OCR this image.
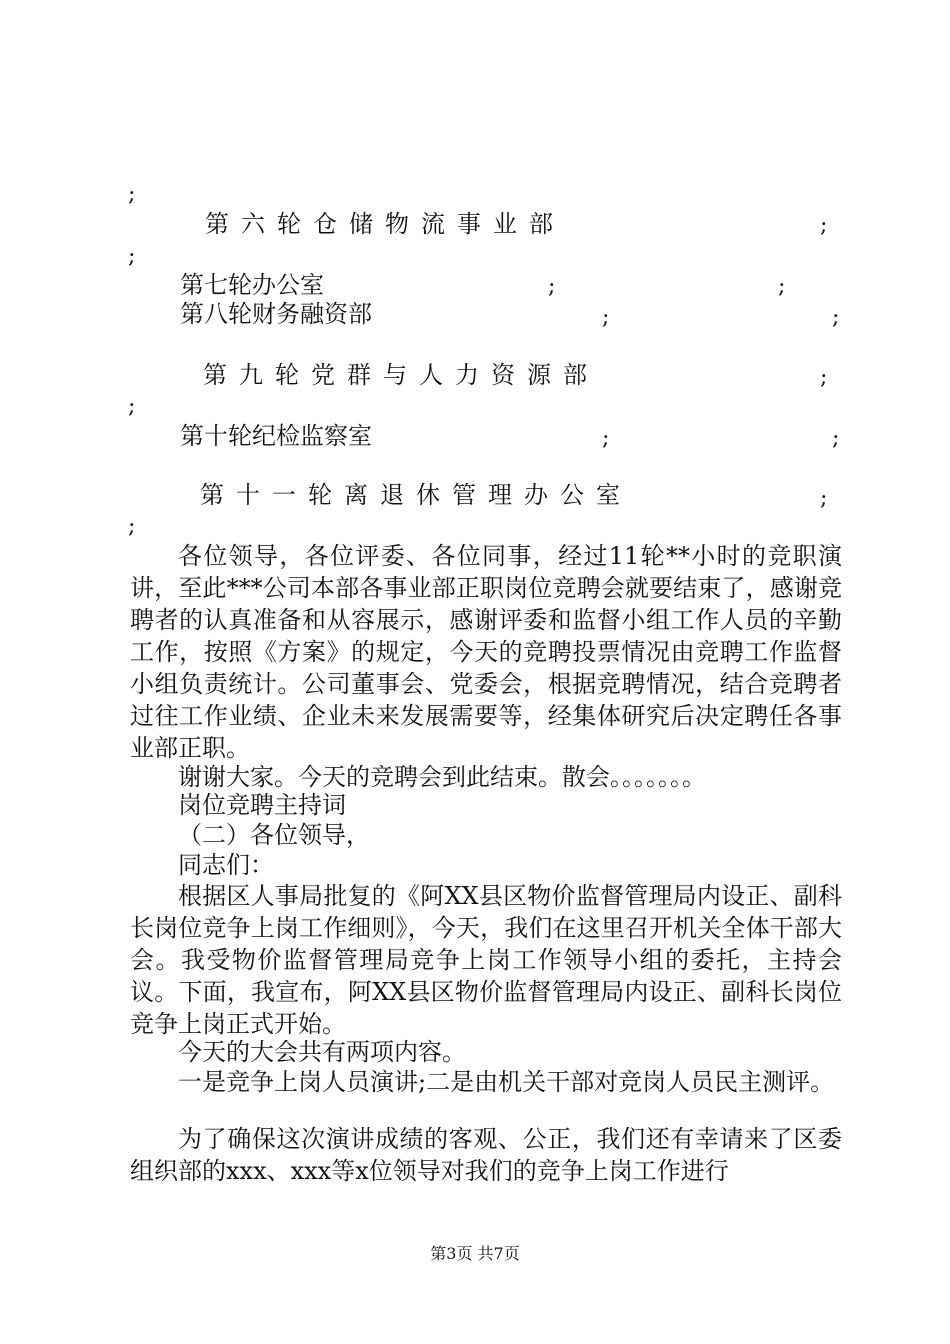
;
第六轮仓储物流事业部	;
;
第七轮办公室	;	;
第八轮财务融资部	;	;
第九轮党群与人力资源部	;
;
第十轮纪检监察室	;	;
第十一轮离退休管理办公室	;
;
各位领导，各位评委、各位同事，经过11轮**小时的竞职演讲，至此***公司本部各事业部正职岗位竞聘会就要结束了，感谢竞聘者的认真准备和从容展示，感谢评委和监督小组工作人员的辛勤工作，按照《方案》的规定，今天的竞聘投票情况由竞聘工作监督小组负责统计。公司董事会、党委会，根据竞聘情况，结合竞聘者过往工作业绩、企业未来发展需要等，经集体研究后决定聘任各事业部正职。
谢谢大家。今天的竞聘会到此结束。散会。。。。。。。
岗位竞聘主持词
（二）各位领导，
同志们：
根据区人事局批复的《阿XX县区物价监督管理局内设正、副科长岗位竞争上岗工作细则》，今天，我们在这里召开机关全体干部大会。我受物价监督管理局竞争上岗工作领导小组的委托，主持会议。下面，我宣布，阿XX县区物价监督管理局内设正、副科长岗位竞争上岗正式开始。
今天的大会共有两项内容。
一是竞争上岗人员演讲;二是由机关干部对竞岗人员民主测评。
为了确保这次演讲成绩的客观、公正，我们还有幸请来了区委组织部的xxx、xxx等x位领导对我们的竞争上岗工作进行
第3页 共7页
